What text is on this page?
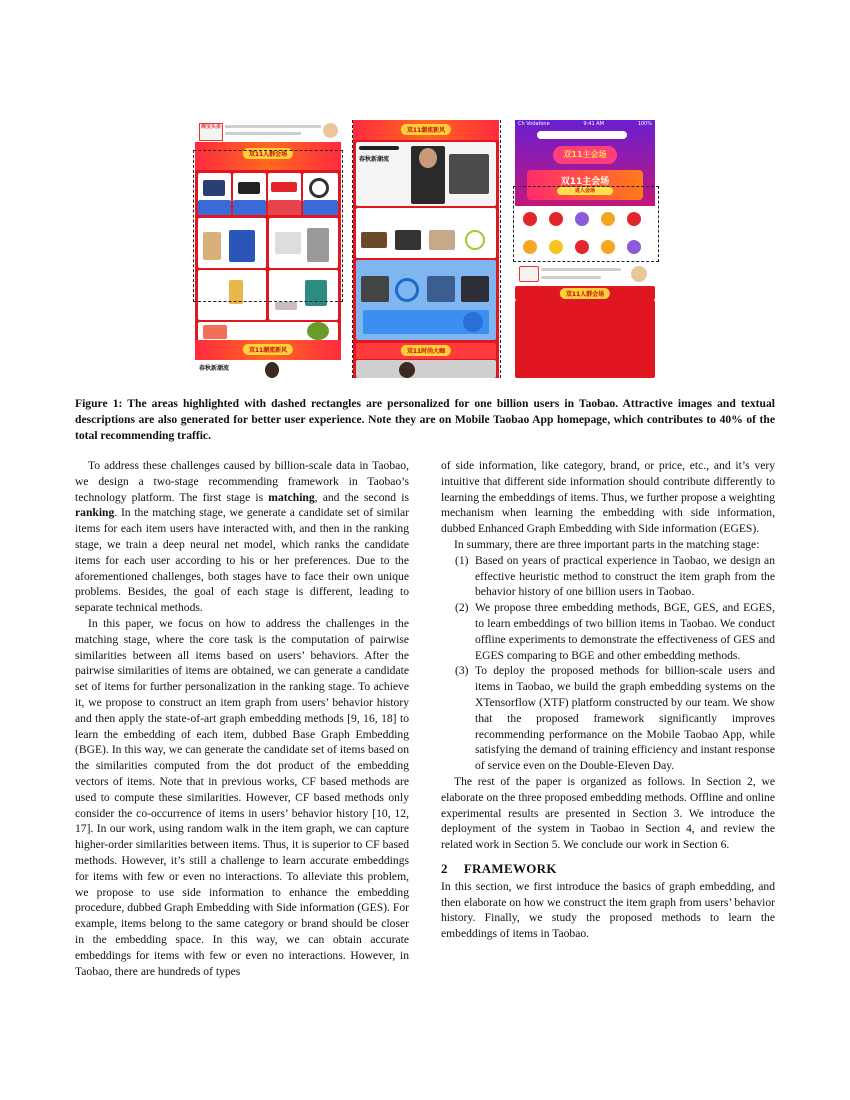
淘宝头条
双11人群会场
双11潮流新风
春秋新潮流
双11潮流新风
春秋新潮流
双11时尚大咖
Ch Vodafone	9:41 AM	100%
双11主会场
双11主会场
进入会场
双11人群会场
Figure 1: The areas highlighted with dashed rectangles are personalized for one billion users in Taobao. Attractive images and textual descriptions are also generated for better user experience. Note they are on Mobile Taobao App homepage, which contributes to 40% of the total recommending traffic.

To address these challenges caused by billion-scale data in Taobao, we design a two-stage recommending framework in Taobao’s technology platform. The first stage is matching, and the second is ranking. In the matching stage, we generate a candidate set of similar items for each item users have interacted with, and then in the ranking stage, we train a deep neural net model, which ranks the candidate items for each user according to his or her preferences. Due to the aforementioned challenges, both stages have to face their own unique problems. Besides, the goal of each stage is different, leading to separate technical methods.

In this paper, we focus on how to address the challenges in the matching stage, where the core task is the computation of pairwise similarities between all items based on users’ behaviors. After the pairwise similarities of items are obtained, we can generate a candidate set of items for further personalization in the ranking stage. To achieve it, we propose to construct an item graph from users’ behavior history and then apply the state-of-art graph embedding methods [9, 16, 18] to learn the embedding of each item, dubbed Base Graph Embedding (BGE). In this way, we can generate the candidate set of items based on the similarities computed from the dot product of the embedding vectors of items. Note that in previous works, CF based methods are used to compute these similarities. However, CF based methods only consider the co-occurrence of items in users’ behavior history [10, 12, 17]. In our work, using random walk in the item graph, we can capture higher-order similarities between items. Thus, it is superior to CF based methods. However, it’s still a challenge to learn accurate embeddings for items with few or even no interactions. To alleviate this problem, we propose to use side information to enhance the embedding procedure, dubbed Graph Embedding with Side information (GES). For example, items belong to the same category or brand should be closer in the embedding space. In this way, we can obtain accurate embeddings for items with few or even no interactions. However, in Taobao, there are hundreds of types

of side information, like category, brand, or price, etc., and it’s very intuitive that different side information should contribute differently to learning the embeddings of items. Thus, we further propose a weighting mechanism when learning the embedding with side information, dubbed Enhanced Graph Embedding with Side information (EGES).

In summary, there are three important parts in the matching stage:

(1) Based on years of practical experience in Taobao, we design an effective heuristic method to construct the item graph from the behavior history of one billion users in Taobao.
(2) We propose three embedding methods, BGE, GES, and EGES, to learn embeddings of two billion items in Taobao. We conduct offline experiments to demonstrate the effectiveness of GES and EGES comparing to BGE and other embedding methods.
(3) To deploy the proposed methods for billion-scale users and items in Taobao, we build the graph embedding systems on the XTensorflow (XTF) platform constructed by our team. We show that the proposed framework significantly improves recommending performance on the Mobile Taobao App, while satisfying the demand of training efficiency and instant response of service even on the Double-Eleven Day.

The rest of the paper is organized as follows. In Section 2, we elaborate on the three proposed embedding methods. Offline and online experimental results are presented in Section 3. We introduce the deployment of the system in Taobao in Section 4, and review the related work in Section 5. We conclude our work in Section 6.

2 FRAMEWORK

In this section, we first introduce the basics of graph embedding, and then elaborate on how we construct the item graph from users’ behavior history. Finally, we study the proposed methods to learn the embeddings of items in Taobao.
